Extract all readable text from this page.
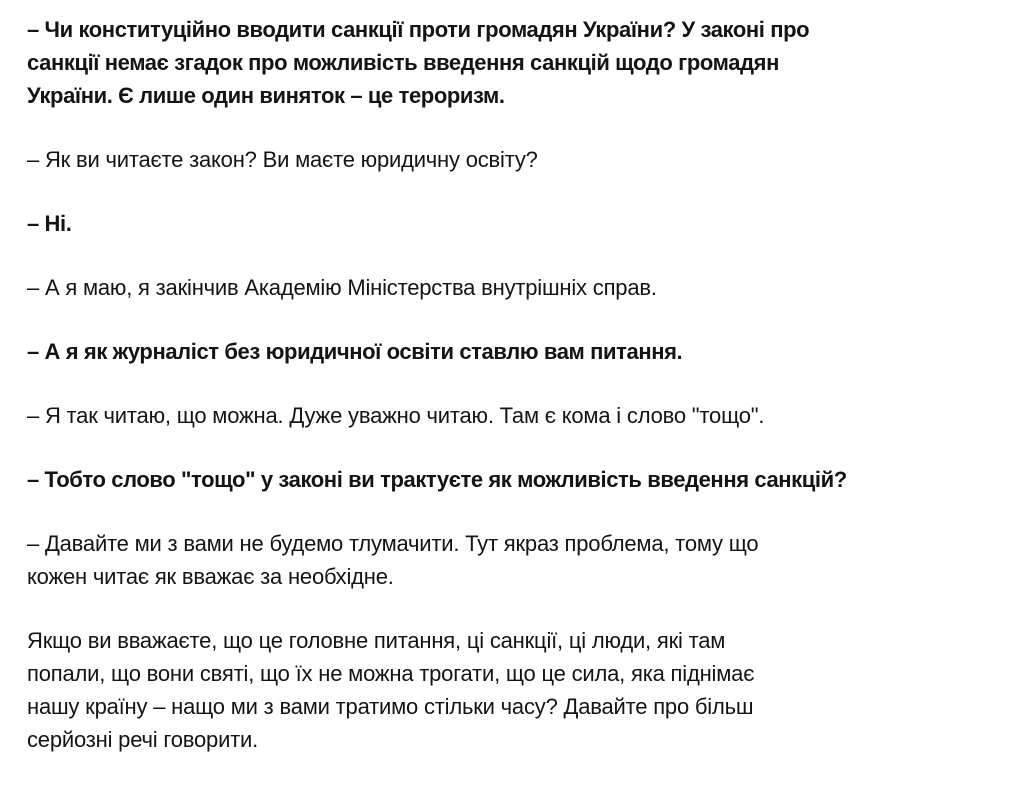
– Чи конституційно вводити санкції проти громадян України? У законі про
санкції немає згадок про можливість введення санкцій щодо громадян
України. Є лише один виняток – це тероризм.

– Як ви читаєте закон? Ви маєте юридичну освіту?

– Ні.

– А я маю, я закінчив Академію Міністерства внутрішніх справ.

– А я як журналіст без юридичної освіти ставлю вам питання.

– Я так читаю, що можна. Дуже уважно читаю. Там є кома і слово "тощо".

– Тобто слово "тощо" у законі ви трактуєте як можливість введення санкцій?

– Давайте ми з вами не будемо тлумачити. Тут якраз проблема, тому що
кожен читає як вважає за необхідне.

Якщо ви вважаєте, що це головне питання, ці санкції, ці люди, які там
попали, що вони святі, що їх не можна трогати, що це сила, яка піднімає
нашу країну – нащо ми з вами тратимо стільки часу? Давайте про більш
серйозні речі говорити.
